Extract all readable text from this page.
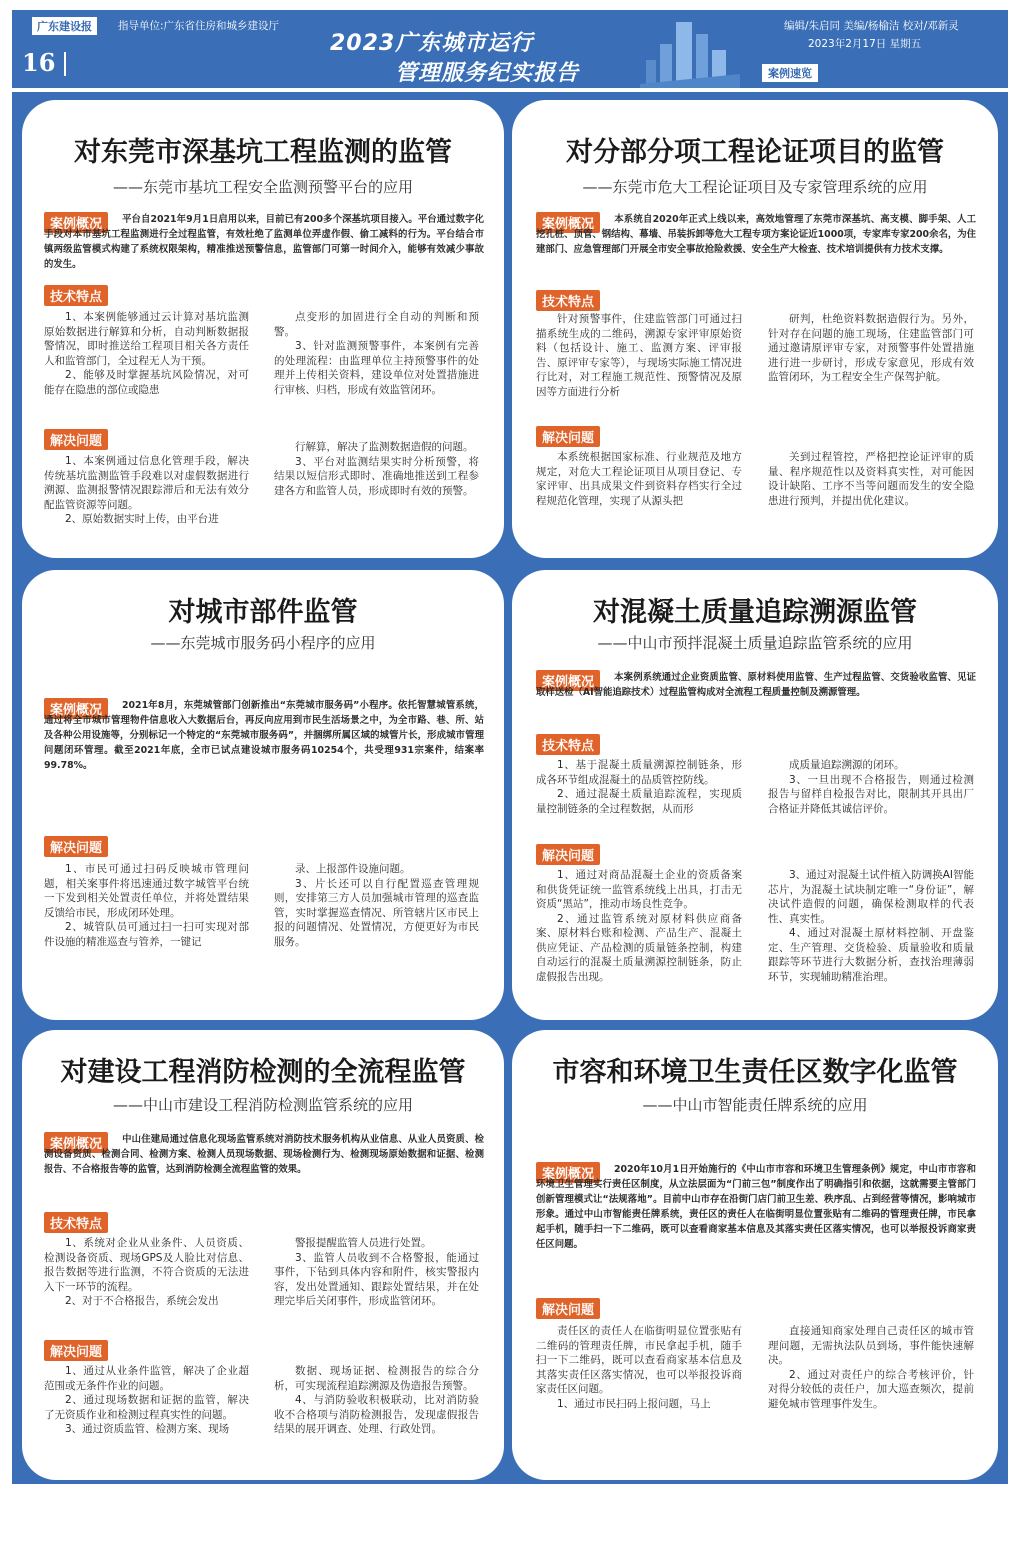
广东建设报	指导单位:广东省住房和城乡建设厅
16
2023广东城市运行
管理服务纪实报告
编辑/朱启同 美编/杨榆洁 校对/邓新灵
2023年2月17日 星期五
案例速览
对东莞市深基坑工程监测的监管
——东莞市基坑工程安全监测预警平台的应用
案例概况	平台自2021年9月1日启用以来，目前已有200多个深基坑项目接入。平台通过数字化手段对本市基坑工程监测进行全过程监管，有效杜绝了监测单位弄虚作假、偷工减料的行为。平台结合市镇两级监管模式构建了系统权限架构，精准推送预警信息，监管部门可第一时间介入，能够有效减少事故的发生。
技术特点

1、本案例能够通过云计算对基坑监测原始数据进行解算和分析，自动判断数据报警情况，即时推送给工程项目相关各方责任人和监管部门，全过程无人为干预。

2、能够及时掌握基坑风险情况，对可能存在隐患的部位或隐患

点变形的加固进行全自动的判断和预警。

3、针对监测预警事件，本案例有完善的处理流程：由监理单位主持预警事件的处理并上传相关资料，建设单位对处置措施进行审核、归档，形成有效监管闭环。

解决问题

1、本案例通过信息化管理手段，解决传统基坑监测监管手段难以对虚假数据进行溯源、监测报警情况跟踪滞后和无法有效分配监管资源等问题。

2、原始数据实时上传，由平台进

行解算，解决了监测数据造假的问题。

3、平台对监测结果实时分析预警，将结果以短信形式即时、准确地推送到工程参建各方和监管人员，形成即时有效的预警。

对分部分项工程论证项目的监管
——东莞市危大工程论证项目及专家管理系统的应用
案例概况	本系统自2020年正式上线以来，高效地管理了东莞市深基坑、高支模、脚手架、人工挖孔桩、顶管、钢结构、幕墙、吊装拆卸等危大工程专项方案论证近1000项，专家库专家200余名，为住建部门、应急管理部门开展全市安全事故抢险救援、安全生产大检查、技术培训提供有力技术支撑。
技术特点

针对预警事件，住建监管部门可通过扫描系统生成的二维码，溯源专家评审原始资料（包括设计、施工、监测方案、评审报告、原评审专家等），与现场实际施工情况进行比对，对工程施工规范性、预警情况及原因等方面进行分析

研判，杜绝资料数据造假行为。另外，针对存在问题的施工现场，住建监管部门可通过邀请原评审专家，对预警事件处置措施进行进一步研讨，形成专家意见，形成有效监管闭环，为工程安全生产保驾护航。

解决问题

本系统根据国家标准、行业规范及地方规定，对危大工程论证项目从项目登记、专家评审、出具成果文件到资料存档实行全过程规范化管理，实现了从源头把

关到过程管控，严格把控论证评审的质量、程序规范性以及资料真实性，对可能因设计缺陷、工序不当等问题而发生的安全隐患进行预判，并提出优化建议。

对城市部件监管
——东莞城市服务码小程序的应用
案例概况	2021年8月，东莞城管部门创新推出“东莞城市服务码”小程序。依托智慧城管系统，通过将全市城市管理物件信息收入大数据后台，再反向应用到市民生活场景之中，为全市路、巷、所、站及各种公用设施等，分别标记一个特定的“东莞城市服务码”，并捆绑所属区域的城管片长，形成城市管理问题闭环管理。截至2021年底，全市已试点建设城市服务码10254个，共受理931宗案件，结案率99.78%。
解决问题

1、市民可通过扫码反映城市管理问题，相关案事件将迅速通过数字城管平台统一下发到相关处置责任单位，并将处置结果反馈给市民，形成闭环处理。

2、城管队员可通过扫一扫可实现对部件设施的精准巡查与管养，一键记

录、上报部件设施问题。

3、片长还可以自行配置巡查管理规则，安排第三方人员加强城市管理的巡查监管，实时掌握巡查情况、所管辖片区市民上报的问题情况、处置情况，方便更好为市民服务。

对混凝土质量追踪溯源监管
——中山市预拌混凝土质量追踪监管系统的应用
案例概况	本案例系统通过企业资质监管、原材料使用监管、生产过程监管、交货验收监管、见证取样送检（AI智能追踪技术）过程监管构成对全流程工程质量控制及溯源管理。
技术特点

1、基于混凝土质量溯源控制链条，形成各环节组成混凝土的品质管控防线。

2、通过混凝土质量追踪流程，实现质量控制链条的全过程数据，从而形

成质量追踪溯源的闭环。

3、一旦出现不合格报告，则通过检测报告与留样自检报告对比，限制其开具出厂合格证并降低其诚信评价。

解决问题

1、通过对商品混凝土企业的资质备案和供货凭证统一监管系统线上出具，打击无资质“黑站”，推动市场良性竞争。

2、通过监管系统对原材料供应商备案、原材料台账和检测、产品生产、混凝土供应凭证、产品检测的质量链条控制，构建自动运行的混凝土质量溯源控制链条，防止虚假报告出现。

3、通过对混凝土试件植入防调换AI智能芯片，为混凝土试块制定唯一“身份证”，解决试件造假的问题，确保检测取样的代表性、真实性。

4、通过对混凝土原材料控制、开盘鉴定、生产管理、交货检验、质量验收和质量跟踪等环节进行大数据分析，查找治理薄弱环节，实现辅助精准治理。

对建设工程消防检测的全流程监管
——中山市建设工程消防检测监管系统的应用
案例概况	中山住建局通过信息化现场监管系统对消防技术服务机构从业信息、从业人员资质、检测设备资质、检测合同、检测方案、检测人员现场数据、现场检测行为、检测现场原始数据和证据、检测报告、不合格报告等的监管，达到消防检测全流程监管的效果。
技术特点

1、系统对企业从业条件、人员资质、检测设备资质、现场GPS及人脸比对信息、报告数据等进行监测，不符合资质的无法进入下一环节的流程。

2、对于不合格报告，系统会发出

警报提醒监管人员进行处置。

3、监管人员收到不合格警报，能通过事件，下钻到具体内容和附件，核实警报内容，发出处置通知、跟踪处置结果，并在处理完毕后关闭事件，形成监管闭环。

解决问题

1、通过从业条件监管，解决了企业超范围或无条件作业的问题。

2、通过现场数据和证据的监管，解决了无资质作业和检测过程真实性的问题。

3、通过资质监管、检测方案、现场

数据、现场证据、检测报告的综合分析，可实现流程追踪溯源及伪造报告预警。

4、与消防验收积极联动，比对消防验收不合格项与消防检测报告，发现虚假报告结果的展开调查、处理、行政处罚。

市容和环境卫生责任区数字化监管
——中山市智能责任牌系统的应用
案例概况	2020年10月1日开始施行的《中山市市容和环境卫生管理条例》规定，中山市市容和环境卫生管理实行责任区制度，从立法层面为“门前三包”制度作出了明确指引和依据，这就需要主管部门创新管理模式让“法规落地”。目前中山市存在沿街门店门前卫生差、秩序乱、占到经营等情况，影响城市形象。通过中山市智能责任牌系统，责任区的责任人在临街明显位置张贴有二维码的管理责任牌，市民拿起手机，随手扫一下二维码，既可以查看商家基本信息及其落实责任区落实情况，也可以举报投诉商家责任区问题。
解决问题

责任区的责任人在临街明显位置张贴有二维码的管理责任牌，市民拿起手机，随手扫一下二维码，既可以查看商家基本信息及其落实责任区落实情况，也可以举报投诉商家责任区问题。

1、通过市民扫码上报问题，马上

直接通知商家处理自己责任区的城市管理问题，无需执法队员到场，事件能快速解决。

2、通过对责任户的综合考核评价，针对得分较低的责任户，加大巡查频次，提前避免城市管理事件发生。
